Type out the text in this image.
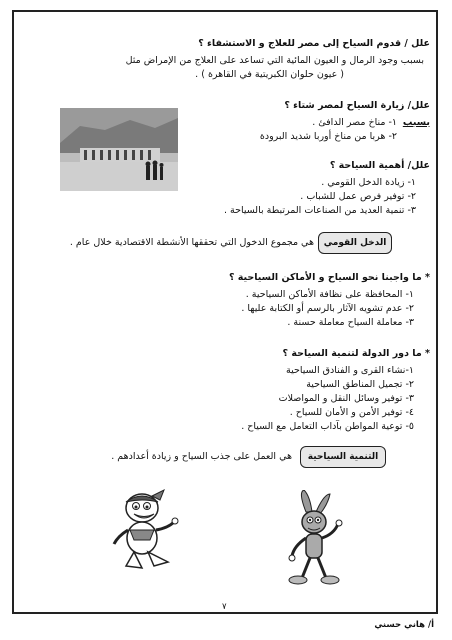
علل / قدوم السياح إلى مصر للعلاج و الاستشفاء ؟
بسبب وجود الرمال و العيون المائية التي تساعد على العلاج من الإمراض مثل
( عيون حلوان الكبريتية في القاهرة ) .
علل/ زيارة السياح لمصر شتاء ؟
بسبب
١- مناخ مصر الدافئ .
٢- هربا من مناخ أوربا شديد البرودة
علل/ أهمية السياحة ؟
١- زيادة الدخل القومي .
٢- توفير فرص عمل للشباب .
٣- تنمية العديد من الصناعات المرتبطة بالسياحة .
الدخل القومي
هي مجموع الدخول التي تحققها الأنشطة الاقتصادية خلال عام .
* ما واجبنا نحو السياح و الأماكن السياحية ؟
١- المحافظة على نظافة الأماكن السياحية .
٢- عدم تشويه الآثار بالرسم أو الكتابة عليها .
٣- معاملة السياح معاملة حسنة .
* ما دور الدولة لتنمية السياحة ؟
١-نشاء القرى و الفنادق السياحية
٢- تجميل المناطق السياحية
٣- توفير وسائل النقل و المواصلات
٤- توفير الأمن و الأمان للسياح .
٥- توعية المواطن بآداب التعامل مع السياح .
التنمية السياحية
هي العمل على جذب السياح و زيادة أعدادهم .
٧
أ/ هاني حسني
